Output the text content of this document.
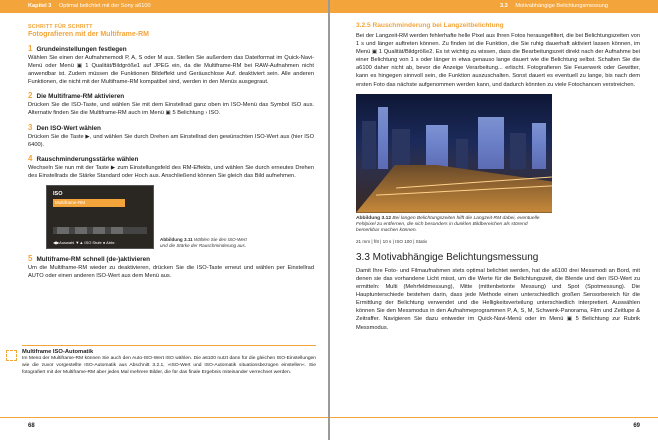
Kapitel 3 Optimal belichtet mit der Sony a6100
SCHRITT FÜR SCHRITT
Fotografieren mit der Multiframe-RM
1 Grundeinstellungen festlegen

Wählen Sie einen der Aufnahmemodi P, A, S oder M aus. Stellen Sie außerdem das Dateiformat im Quick-Navi-Menü oder Menü ▣ 1 Qualität/Bildgröße1 auf JPEG ein, da die Multiframe-RM bei RAW-Aufnahmen nicht anwendbar ist. Zudem müssen die Funktionen Bildeffekt und Geräuschlose Auf. deaktiviert sein. Alle anderen Funktionen, die nicht mit der Multiframe-RM kompatibel sind, werden in den Menüs ausgegraut.

2 Die Multiframe-RM aktivieren

Drücken Sie die ISO-Taste, und wählen Sie mit dem Einstellrad ganz oben im ISO-Menü das Symbol ISO aus. Alternativ finden Sie die Multiframe-RM auch im Menü ▣ 5 Belichtung › ISO.

3 Den ISO-Wert wählen

Drücken Sie die Taste ▶, und wählen Sie durch Drehen am Einstellrad den gewünschten ISO-Wert aus (hier ISO 6400).

4 Rauschminderungsstärke wählen

Wechseln Sie nun mit der Taste ▶ zum Einstellungsfeld des RM-Effekts, und wählen Sie durch erneutes Drehen des Einstellrads die Stärke Standard oder Hoch aus. Anschließend können Sie gleich das Bild aufnehmen.

ISO
Multiframe-RM
◀▶Auswahl ▼▲ ISO Stufe ● Abbr.
Abbildung 3.11 Wählen Sie den ISO-Wert und die Stärke der Rauschminderung aus.
5 Multiframe-RM schnell (de-)aktivieren

Um die Multiframe-RM wieder zu deaktivieren, drücken Sie die ISO-Taste erneut und wählen per Einstellrad AUTO oder einen anderen ISO-Wert aus dem Menü aus.

Multiframe ISO-Automatik
Im Menü der Multiframe-RM können Sie auch den Auto-ISO-Wert ISO wählen. Die a6100 nutzt dann für die gleichen ISO-Einstellungen wie die zuvor vorgestellte ISO-Automatik aus Abschnitt 3.2.1, »ISO-Wert und ISO-Automatik situationsbezogen einstellen«. Sie fotografiert mit der Multiframe-RM aber jedes Mal mehrere Bilder, die für das finale Ergebnis miteinander verrechnet werden.
68
3.3 Motivabhängige Belichtungsmessung
3.2.5 Rauschminderung bei Langzeitbelichtung

Bei der Langzeit-RM werden fehlerhafte helle Pixel aus Ihren Fotos herausgefiltert, die bei Belichtungszeiten von 1 s und länger auftreten können. Zu finden ist die Funktion, die Sie ruhig dauerhaft aktiviert lassen können, im Menü ▣ 1 Qualität/Bildgröße2. Es ist wichtig zu wissen, dass die Bearbeitungszeit direkt nach der Aufnahme bei einer Belichtung von 1 s oder länger in etwa genauso lange dauert wie die Belichtung selbst. Schalten Sie die a6100 daher nicht ab, bevor die Anzeige Verarbeitung... erlischt. Fotografieren Sie Feuerwerk oder Gewitter, kann es hingegen sinnvoll sein, die Funktion auszuschalten. Sonst dauert es eventuell zu lange, bis nach dem ersten Foto das nächste aufgenommen werden kann, und dadurch könnten zu viele Fotochancen verstreichen.

Abbildung 3.12 Bei langen Belichtungszeiten hilft die Langzeit-RM dabei, eventuelle Fehlpixel zu entfernen, die sich besonders in dunklen Bildbereichen als störend bemerkbar machen können.
21 mm | f/8 | 10 s | ISO 100 | Stativ
3.3 Motivabhängige Belichtungsmessung

Damit Ihre Foto- und Filmaufnahmen stets optimal belichtet werden, hat die a6100 drei Messmodi an Bord, mit denen sie das vorhandene Licht misst, um die Werte für die Belichtungszeit, die Blende und den ISO-Wert zu ermitteln: Multi (Mehrfeldmessung), Mitte (mittenbetonte Messung) und Spot (Spotmessung). Die Hauptunterschiede bestehen darin, dass jede Methode einen unterschiedlich großen Sensorbereich für die Ermittlung der Belichtung verwendet und die Helligkeitsverteilung unterschiedlich interpretiert. Auswählen können Sie den Messmodus in den Aufnahmeprogrammen P, A, S, M, Schwenk-Panorama, Film und Zeitlupe & Zeitraffer. Navigieren Sie dazu entweder im Quick-Navi-Menü oder im Menü ▣ 5 Belichtung zur Rubrik Messmodus.

69
